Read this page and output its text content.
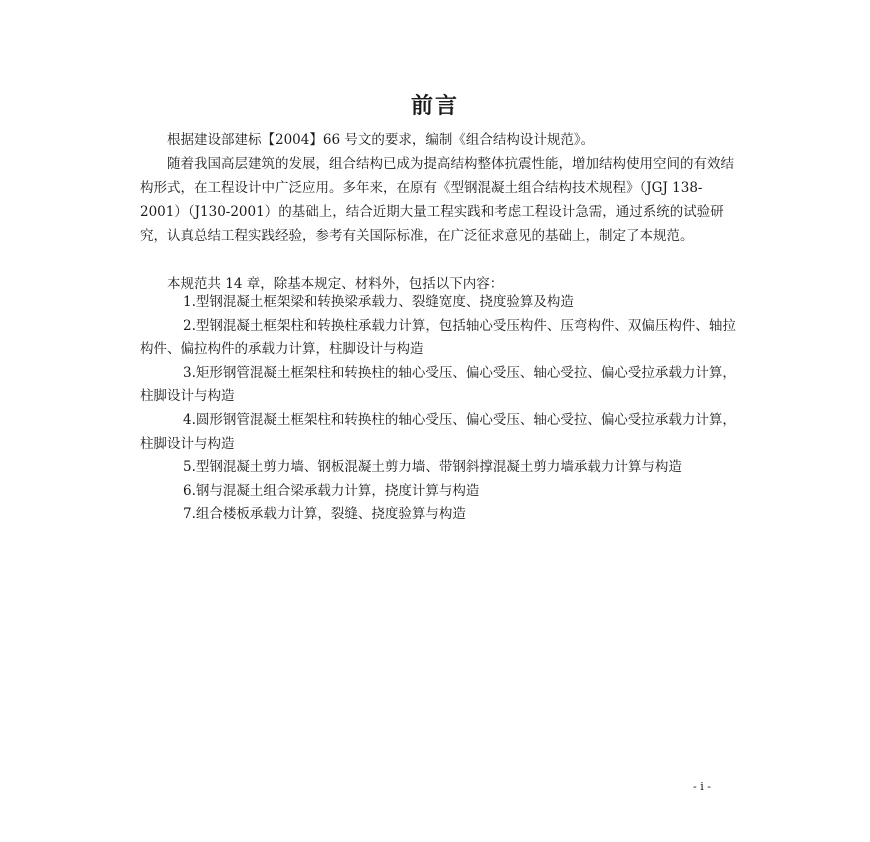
前言

根据建设部建标【2004】66 号文的要求，编制《组合结构设计规范》。

随着我国高层建筑的发展，组合结构已成为提高结构整体抗震性能，增加结构使用空间的有效结构形式，在工程设计中广泛应用。多年来，在原有《型钢混凝土组合结构技术规程》（JGJ 138-2001）（J130-2001）的基础上，结合近期大量工程实践和考虑工程设计急需，通过系统的试验研究，认真总结工程实践经验，参考有关国际标准，在广泛征求意见的基础上，制定了本规范。

本规范共 14 章，除基本规定、材料外，包括以下内容：

1.型钢混凝土框架梁和转换梁承载力、裂缝宽度、挠度验算及构造
2.型钢混凝土框架柱和转换柱承载力计算，包括轴心受压构件、压弯构件、双偏压构件、轴拉构件、偏拉构件的承载力计算，柱脚设计与构造
3.矩形钢管混凝土框架柱和转换柱的轴心受压、偏心受压、轴心受拉、偏心受拉承载力计算，柱脚设计与构造
4.圆形钢管混凝土框架柱和转换柱的轴心受压、偏心受压、轴心受拉、偏心受拉承载力计算，柱脚设计与构造
5.型钢混凝土剪力墙、钢板混凝土剪力墙、带钢斜撑混凝土剪力墙承载力计算与构造
6.钢与混凝土组合梁承载力计算，挠度计算与构造
7.组合楼板承载力计算，裂缝、挠度验算与构造
- i -
